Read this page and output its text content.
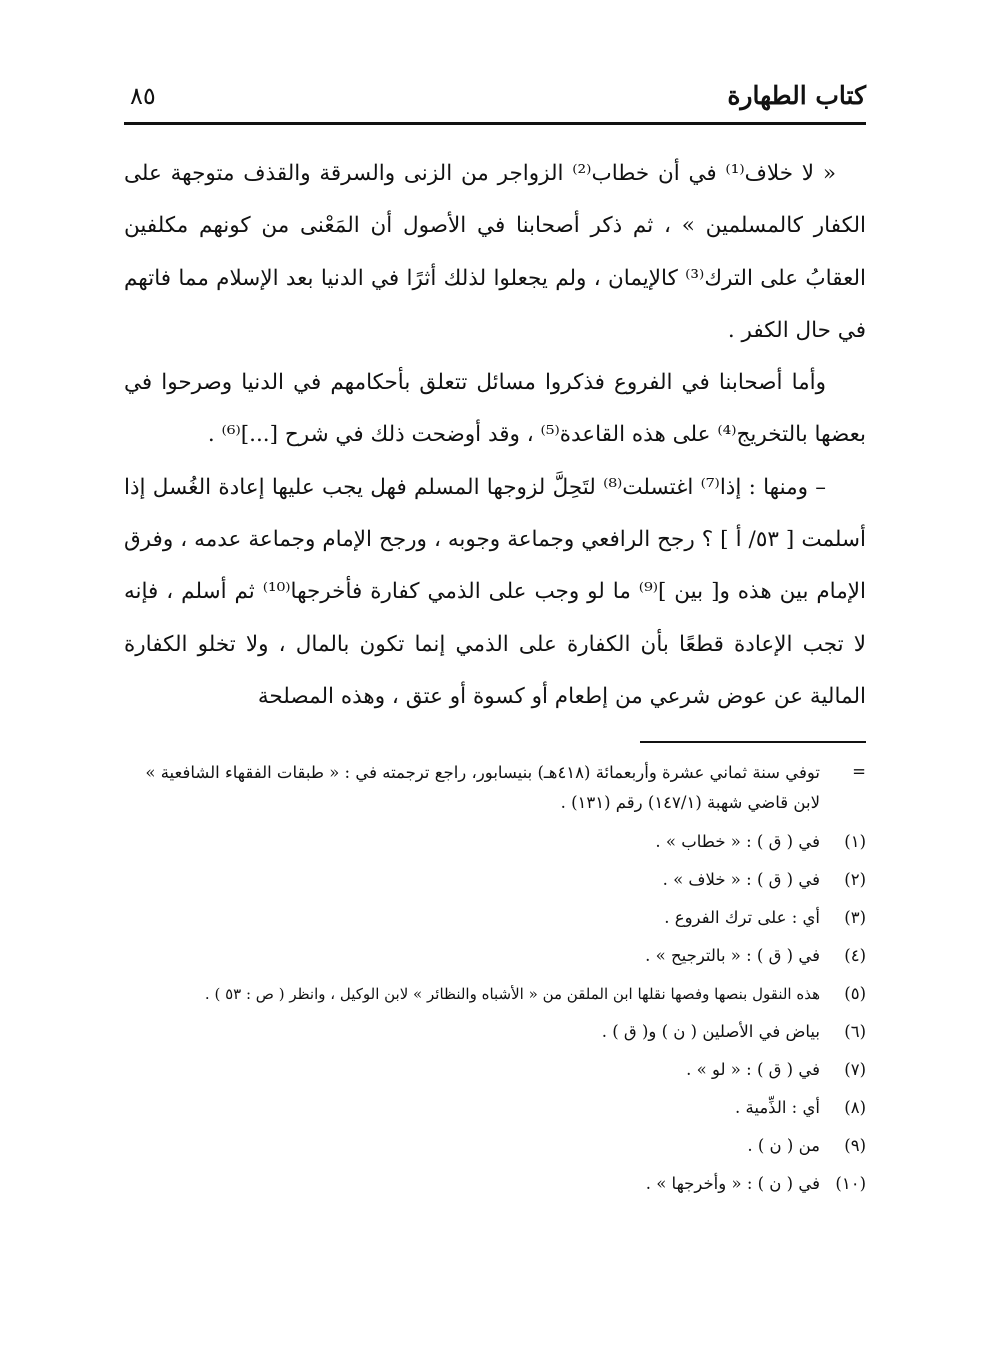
كتاب الطهارة
٨٥

« لا خلاف⁽¹⁾ في أن خطاب⁽²⁾ الزواجر من الزنى والسرقة والقذف متوجهة على الكفار كالمسلمين » ، ثم ذكر أصحابنا في الأصول أن المَعْنى من كونهم مكلفين العقابُ على الترك⁽³⁾ كالإيمان ، ولم يجعلوا لذلك أثرًا في الدنيا بعد الإسلام مما فاتهم في حال الكفر .

وأما أصحابنا في الفروع فذكروا مسائل تتعلق بأحكامهم في الدنيا وصرحوا في بعضها بالتخريج⁽⁴⁾ على هذه القاعدة⁽⁵⁾ ، وقد أوضحت ذلك في شرح [...]⁽⁶⁾ .

– ومنها : إذا⁽⁷⁾ اغتسلت⁽⁸⁾ لتَحِلَّ لزوجها المسلم فهل يجب عليها إعادة الغُسل إذا أسلمت [ ٥٣/ أ ] ؟ رجح الرافعي وجماعة وجوبه ، ورجح الإمام وجماعة عدمه ، وفرق الإمام بين هذه و[ بين ]⁽⁹⁾ ما لو وجب على الذمي كفارة فأخرجها⁽¹⁰⁾ ثم أسلم ، فإنه لا تجب الإعادة قطعًا بأن الكفارة على الذمي إنما تكون بالمال ، ولا تخلو الكفارة المالية عن عوض شرعي من إطعام أو كسوة أو عتق ، وهذه المصلحة

=
توفي سنة ثماني عشرة وأربعمائة (٤١٨هـ) بنيسابور، راجع ترجمته في : « طبقات الفقهاء الشافعية » لابن قاضي شهبة (١٤٧/١) رقم (١٣١) .
(١)
في ( ق ) : « خطاب » .
(٢)
في ( ق ) : « خلاف » .
(٣)
أي : على ترك الفروع .
(٤)
في ( ق ) : « بالترجيح » .
(٥)
هذه النقول بنصها وفصها نقلها ابن الملقن من « الأشباه والنظائر » لابن الوكيل ، وانظر ( ص : ٥٣ ) .
(٦)
بياض في الأصلين ( ن ) و( ق ) .
(٧)
في ( ق ) : « لو » .
(٨)
أي : الذِّمية .
(٩)
من ( ن ) .
(١٠)
في ( ن ) : « وأخرجها » .
